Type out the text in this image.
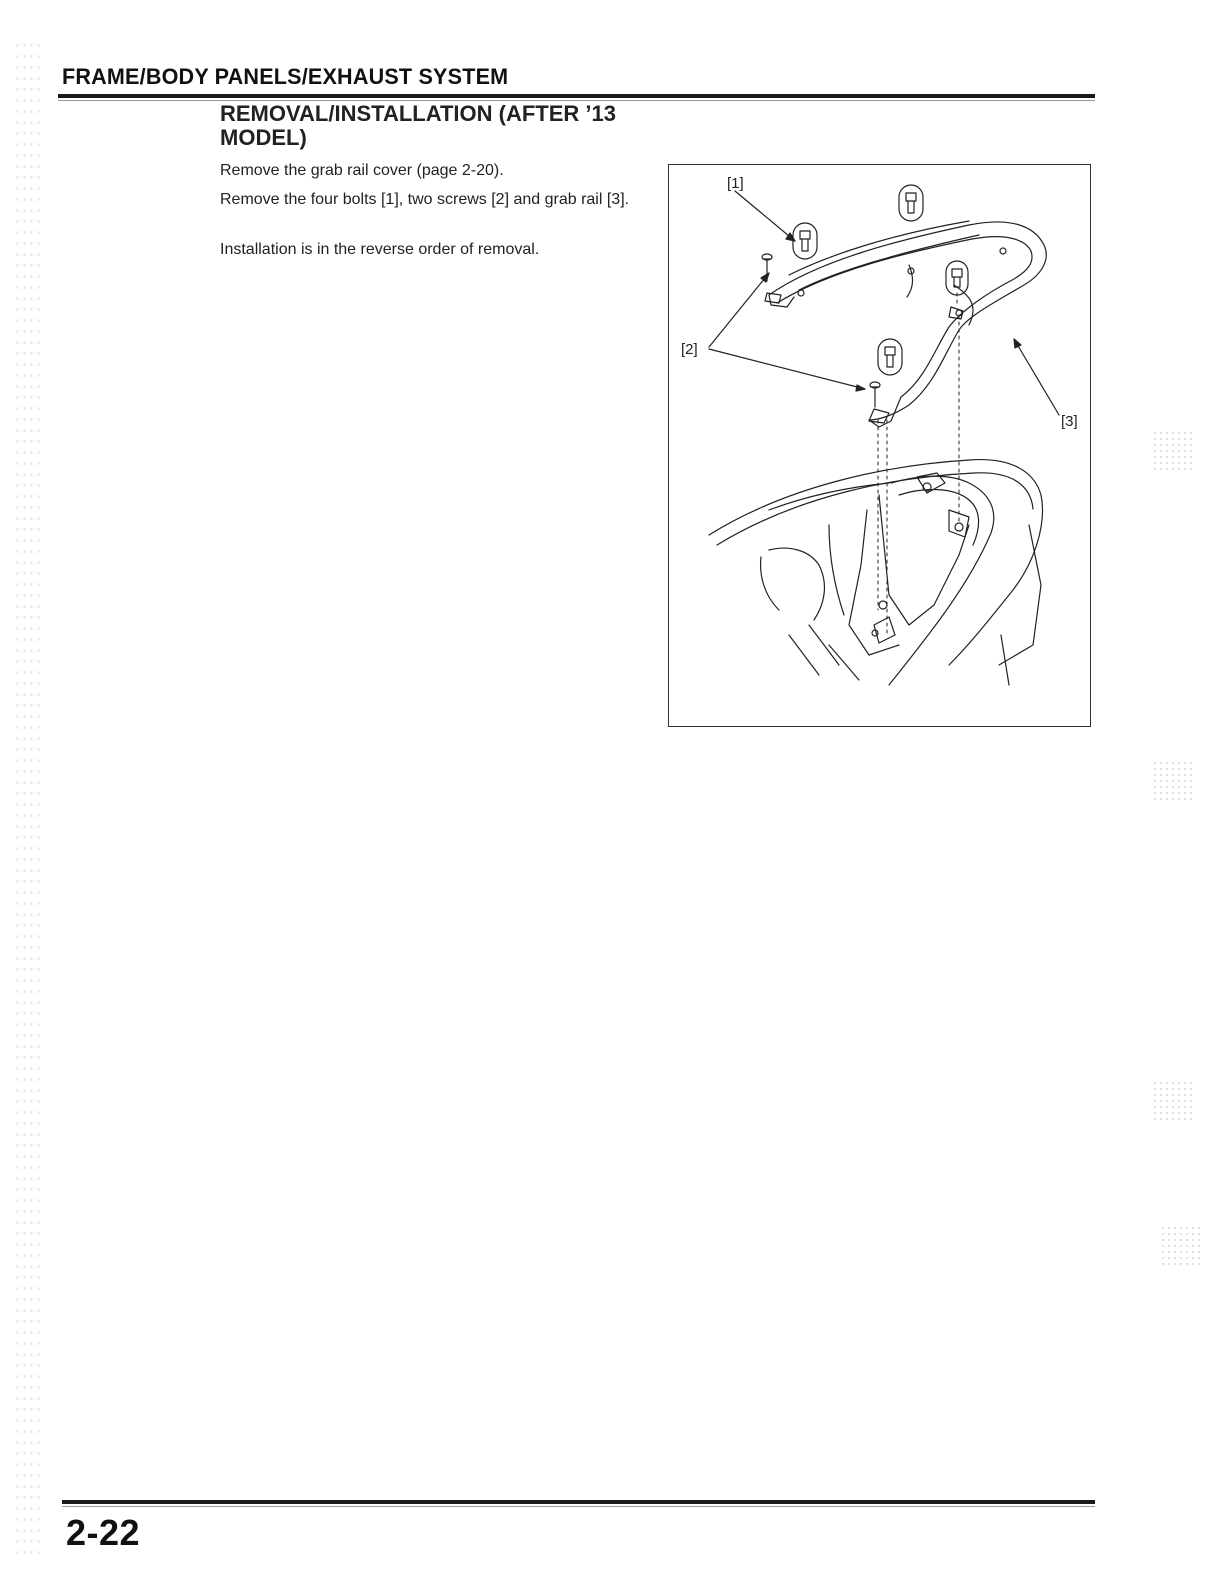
FRAME/BODY PANELS/EXHAUST SYSTEM
REMOVAL/INSTALLATION (AFTER ’13 MODEL)
Remove the grab rail cover (page 2-20).
Remove the four bolts [1], two screws [2] and grab rail [3].
Installation is in the reverse order of removal.
[1]
[2]
[3]
2-22
